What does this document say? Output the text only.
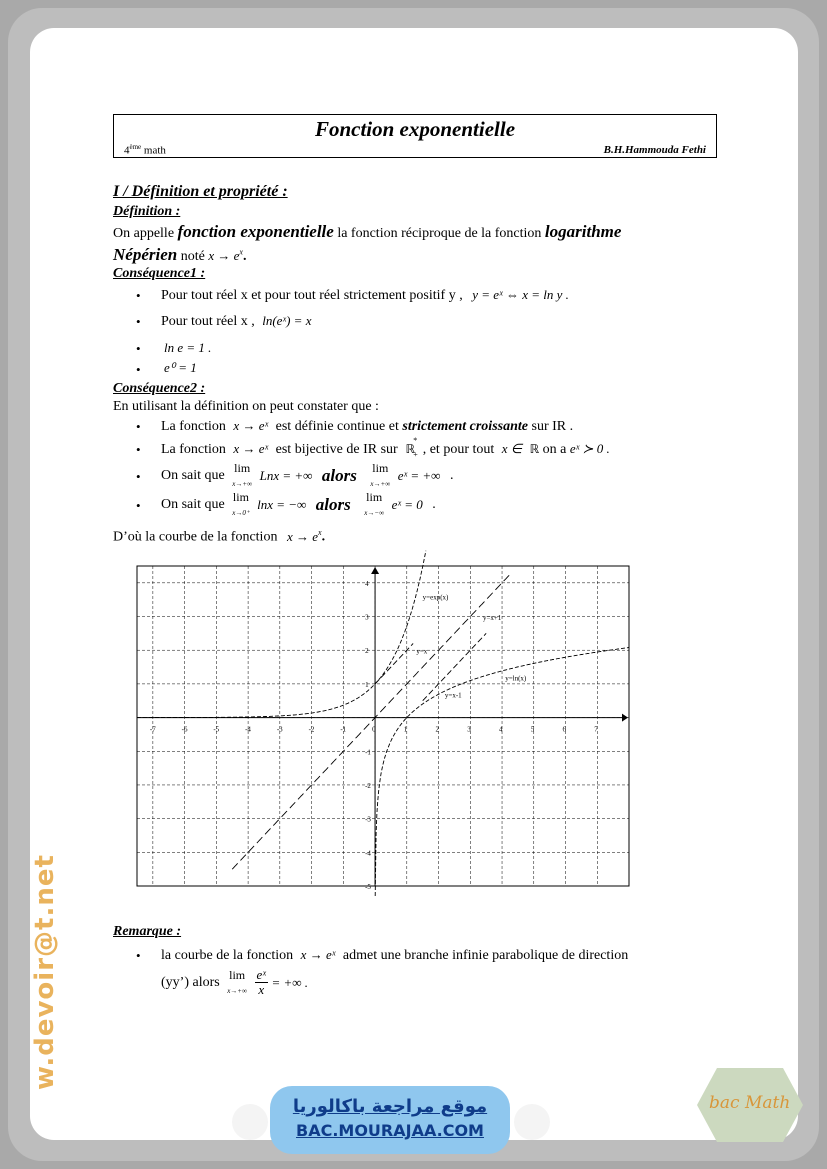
Fonction exponentielle
4ème math	B.H.Hammouda Fethi
I / Définition et propriété :
Définition :
On appelle fonction exponentielle la fonction réciproque de la fonction logarithme
Népérien noté $x \to e^x$.
Conséquence1 :
• Pour tout réel x et pour tout réel strictement positif y , y = eˣ ⇔ x = ln y .
• Pour tout réel x , ln(eˣ) = x
• ln e = 1 .
• e⁰ = 1
Conséquence2 :
En utilisant la définition on peut constater que :
• La fonction x → eˣ est définie continue et strictement croissante sur IR .
• La fonction x → eˣ est bijective de IR sur ℝ
*
+ , et pour tout x ∈ ℝ on a eˣ ≻ 0 .
• On sait que lim
x→+∞ Lnx = +∞ alors lim
x→+∞ eˣ = +∞ .
• On sait que lim
x→0⁺ lnx = −∞ alors lim
x→−∞ eˣ = 0 .
D’où la courbe de la fonction $x \to e^x$.
-7	-6	-5	-4	-3	-2	-1	0	1	2	3	4	5	6	7
4
3
2
1
-1
-2
-3
-4
-5
y=exp(x)
y=x
y=ln(x)
y=x-1
y=x+1
Remarque :
• la courbe de la fonction x → eˣ admet une branche infinie parabolique de direction
(yy’) alors lim
$x\to+\infty \frac{\text{eˣ}}{x}$ = +∞ .
w.devoir@t.net
موقع مراجعة باكالوريا
BAC.MOURAJAA.COM
bac Math
